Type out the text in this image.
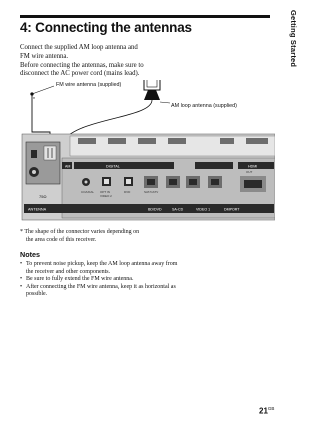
Getting Started
4: Connecting the antennas

Connect the supplied AM loop antenna and

FM wire antenna.

Before connecting the antennas, make sure to

disconnect the AC power cord (mains lead).

FM wire antenna (supplied)
AM loop antenna (supplied)
*
AM	DIGITAL	HDMI
OUT
COAXIAL OPT IN
VIDEO 2
DVD	SAT/CATV
ANTENNA	BD/DVD	SA-CD	VIDEO 1	DMPORT
75Ω
* The shape of the connector varies depending on
the area code of this receiver.
Notes
• To prevent noise pickup, keep the AM loop antenna away from the receiver and other components.
• Be sure to fully extend the FM wire antenna.
• After connecting the FM wire antenna, keep it as horizontal as possible.
$21^{GB}$
